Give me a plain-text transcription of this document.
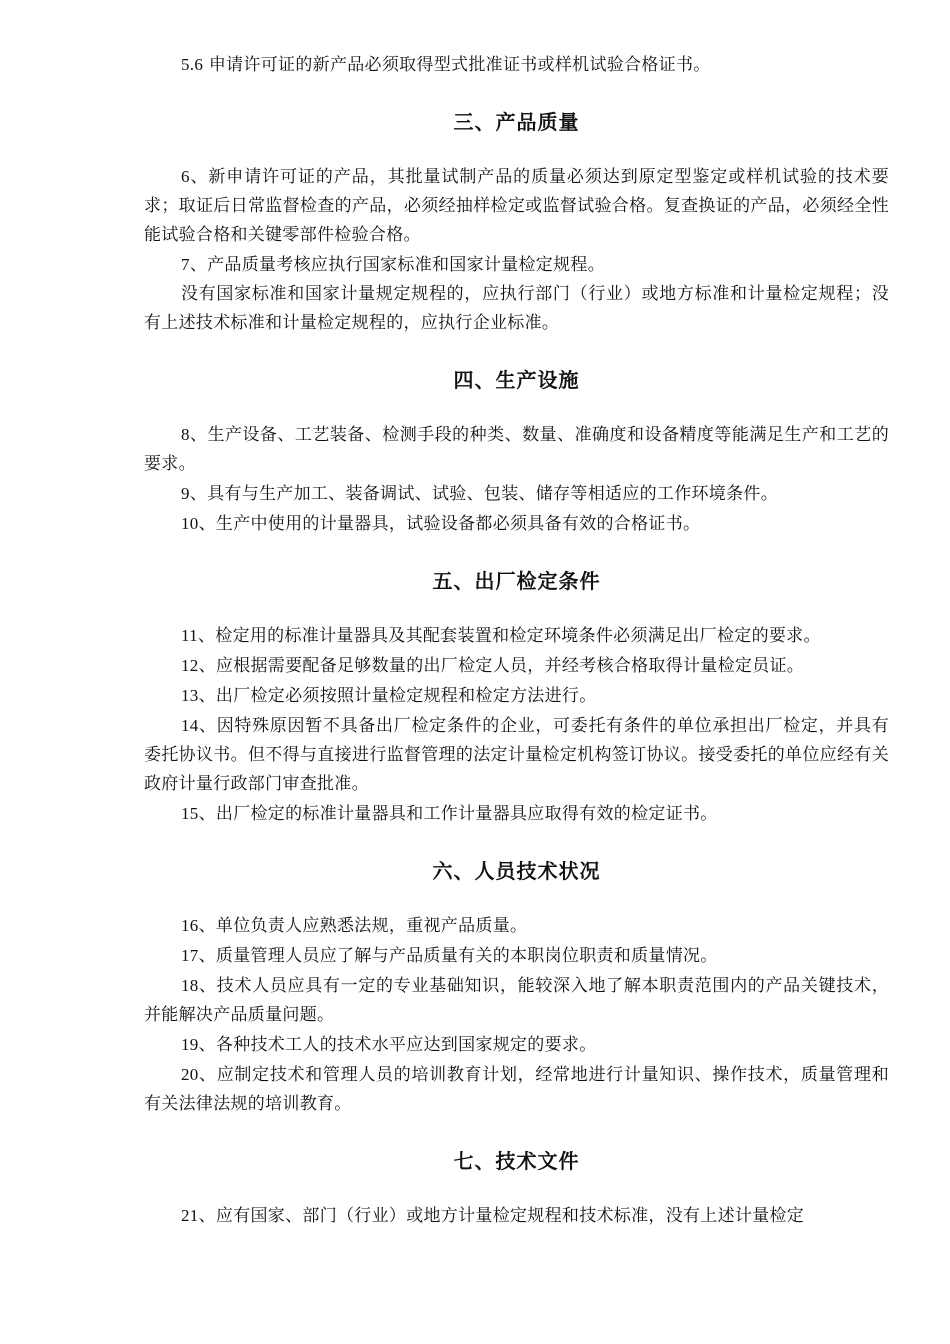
5.6 申请许可证的新产品必须取得型式批准证书或样机试验合格证书。

三、产品质量

6、新申请许可证的产品，其批量试制产品的质量必须达到原定型鉴定或样机试验的技术要求；取证后日常监督检查的产品，必须经抽样检定或监督试验合格。复查换证的产品，必须经全性能试验合格和关键零部件检验合格。

7、产品质量考核应执行国家标准和国家计量检定规程。

没有国家标准和国家计量规定规程的，应执行部门（行业）或地方标准和计量检定规程；没有上述技术标准和计量检定规程的，应执行企业标准。

四、生产设施

8、生产设备、工艺装备、检测手段的种类、数量、准确度和设备精度等能满足生产和工艺的要求。

9、具有与生产加工、装备调试、试验、包装、储存等相适应的工作环境条件。

10、生产中使用的计量器具，试验设备都必须具备有效的合格证书。

五、出厂检定条件

11、检定用的标准计量器具及其配套装置和检定环境条件必须满足出厂检定的要求。

12、应根据需要配备足够数量的出厂检定人员，并经考核合格取得计量检定员证。

13、出厂检定必须按照计量检定规程和检定方法进行。

14、因特殊原因暂不具备出厂检定条件的企业，可委托有条件的单位承担出厂检定，并具有委托协议书。但不得与直接进行监督管理的法定计量检定机构签订协议。接受委托的单位应经有关政府计量行政部门审查批准。

15、出厂检定的标准计量器具和工作计量器具应取得有效的检定证书。

六、人员技术状况

16、单位负责人应熟悉法规，重视产品质量。

17、质量管理人员应了解与产品质量有关的本职岗位职责和质量情况。

18、技术人员应具有一定的专业基础知识，能较深入地了解本职责范围内的产品关键技术，并能解决产品质量问题。

19、各种技术工人的技术水平应达到国家规定的要求。

20、应制定技术和管理人员的培训教育计划，经常地进行计量知识、操作技术，质量管理和有关法律法规的培训教育。

七、技术文件

21、应有国家、部门（行业）或地方计量检定规程和技术标准，没有上述计量检定
